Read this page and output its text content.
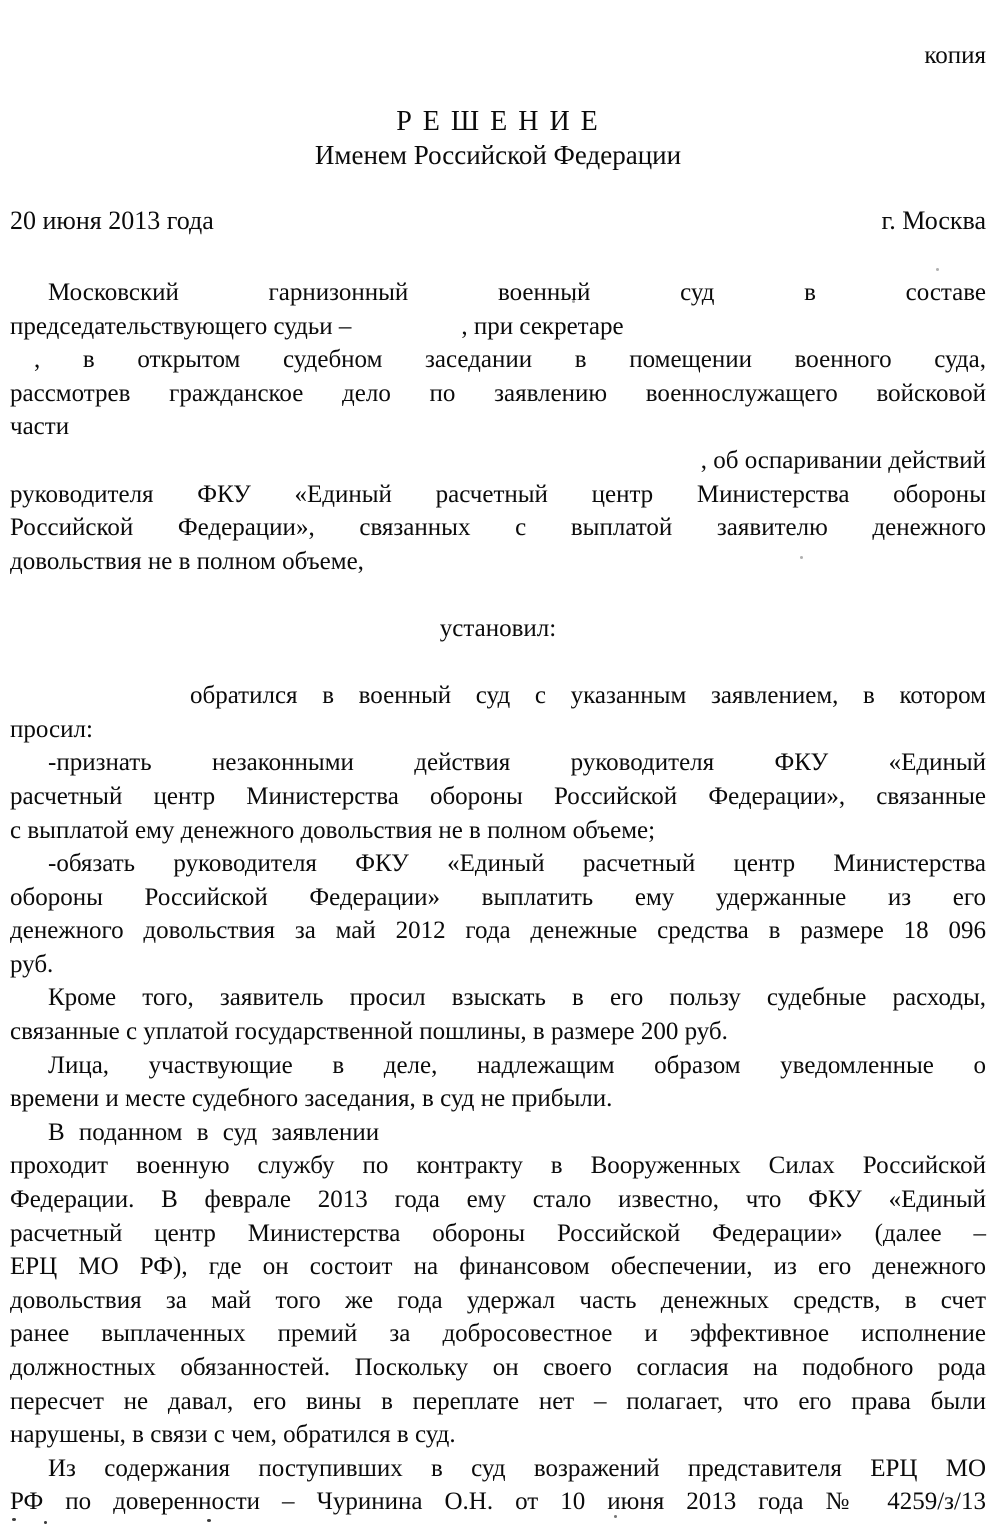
копия
Р Е Ш Е Н И Е
Именем Российской Федерации
20 июня 2013 года	г. Москва
Московский гарнизонный военный суд в составе
председательствующего судьи –	, при секретаре
, в открытом судебном заседании в помещении военного суда,
рассмотрев гражданское дело по заявлению военнослужащего войсковой
части
, об оспаривании действий
руководителя ФКУ «Единый расчетный центр Министерства обороны
Российской Федерации», связанных с выплатой заявителю денежного
довольствия не в полном объеме,

установил:

обратился в военный суд с указанным заявлением, в котором
просил:
-признать незаконными действия руководителя ФКУ «Единый
расчетный центр Министерства обороны Российской Федерации», связанные
с выплатой ему денежного довольствия не в полном объеме;
-обязать руководителя ФКУ «Единый расчетный центр Министерства
обороны Российской Федерации» выплатить ему удержанные из его
денежного довольствия за май 2012 года денежные средства в размере 18 096
руб.
Кроме того, заявитель просил взыскать в его пользу судебные расходы,
связанные с уплатой государственной пошлины, в размере 200 руб.
Лица, участвующие в деле, надлежащим образом уведомленные о
времени и месте судебного заседания, в суд не прибыли.
В поданном в суд заявлении
проходит военную службу по контракту в Вооруженных Силах Российской
Федерации. В феврале 2013 года ему стало известно, что ФКУ «Единый
расчетный центр Министерства обороны Российской Федерации» (далее –
ЕРЦ МО РФ), где он состоит на финансовом обеспечении, из его денежного
довольствия за май того же года удержал часть денежных средств, в счет
ранее выплаченных премий за добросовестное и эффективное исполнение
должностных обязанностей. Поскольку он своего согласия на подобного рода
пересчет не давал, его вины в переплате нет – полагает, что его права были
нарушены, в связи с чем, обратился в суд.
Из содержания поступивших в суд возражений представителя ЕРЦ МО
РФ по доверенности – Чуринина О.Н. от 10 июня 2013 года № 4259/з/13
